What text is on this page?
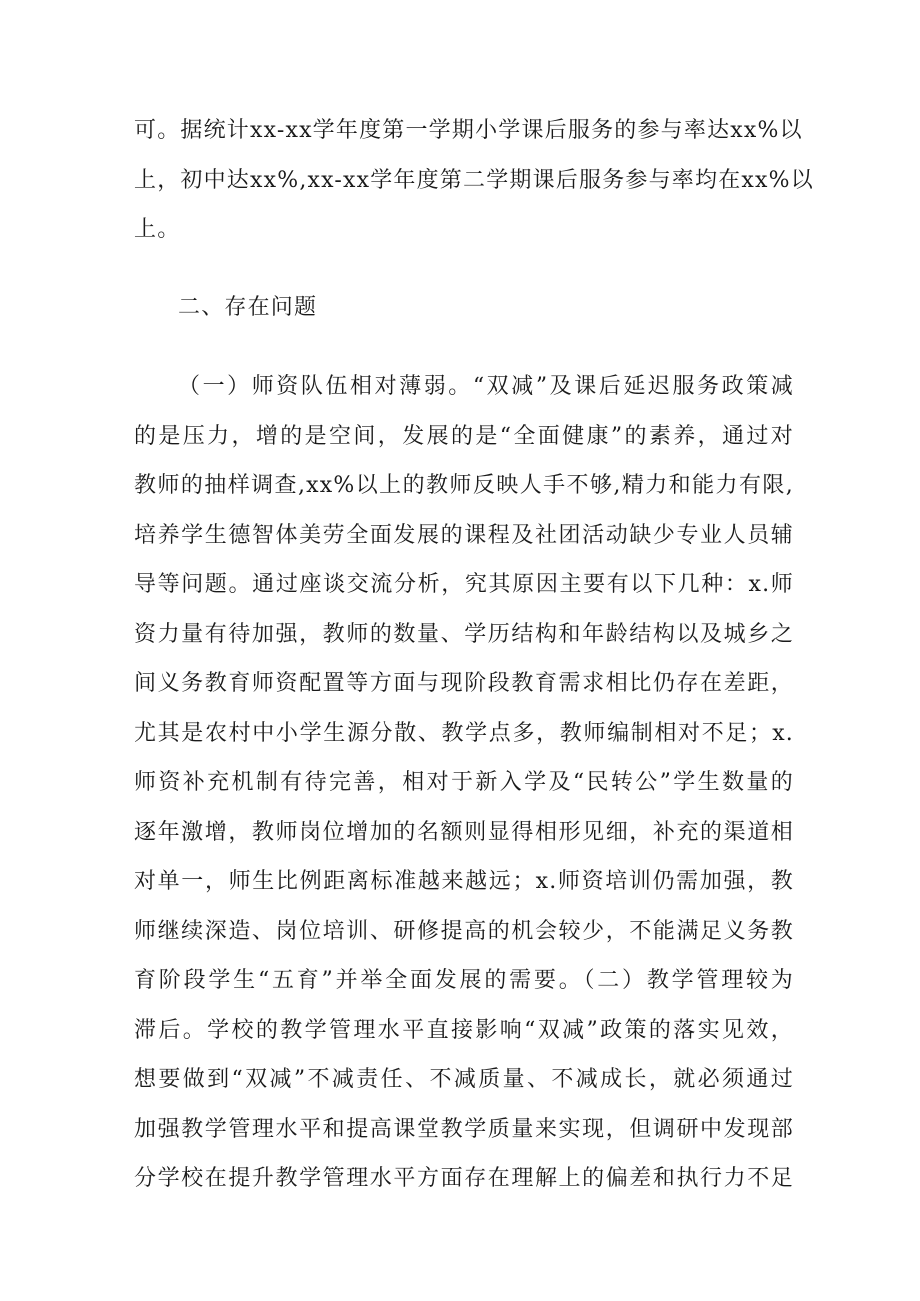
可。据统计xx-xx学年度第一学期小学课后服务的参与率达xx%以
上，初中达xx%,xx-xx学年度第二学期课后服务参与率均在xx%以
上。
二、存在问题
（一）师资队伍相对薄弱。“双减”及课后延迟服务政策减
的是压力，增的是空间，发展的是“全面健康”的素养，通过对
教师的抽样调查,xx%以上的教师反映人手不够,精力和能力有限,
培养学生德智体美劳全面发展的课程及社团活动缺少专业人员辅
导等问题。通过座谈交流分析，究其原因主要有以下几种：x.师
资力量有待加强，教师的数量、学历结构和年龄结构以及城乡之
间义务教育师资配置等方面与现阶段教育需求相比仍存在差距，
尤其是农村中小学生源分散、教学点多，教师编制相对不足；x.
师资补充机制有待完善，相对于新入学及“民转公”学生数量的
逐年激增，教师岗位增加的名额则显得相形见细，补充的渠道相
对单一，师生比例距离标准越来越远；x.师资培训仍需加强，教
师继续深造、岗位培训、研修提高的机会较少，不能满足义务教
育阶段学生“五育”并举全面发展的需要。（二）教学管理较为
滞后。学校的教学管理水平直接影响“双减”政策的落实见效，
想要做到“双减”不减责任、不减质量、不减成长，就必须通过
加强教学管理水平和提高课堂教学质量来实现，但调研中发现部
分学校在提升教学管理水平方面存在理解上的偏差和执行力不足
